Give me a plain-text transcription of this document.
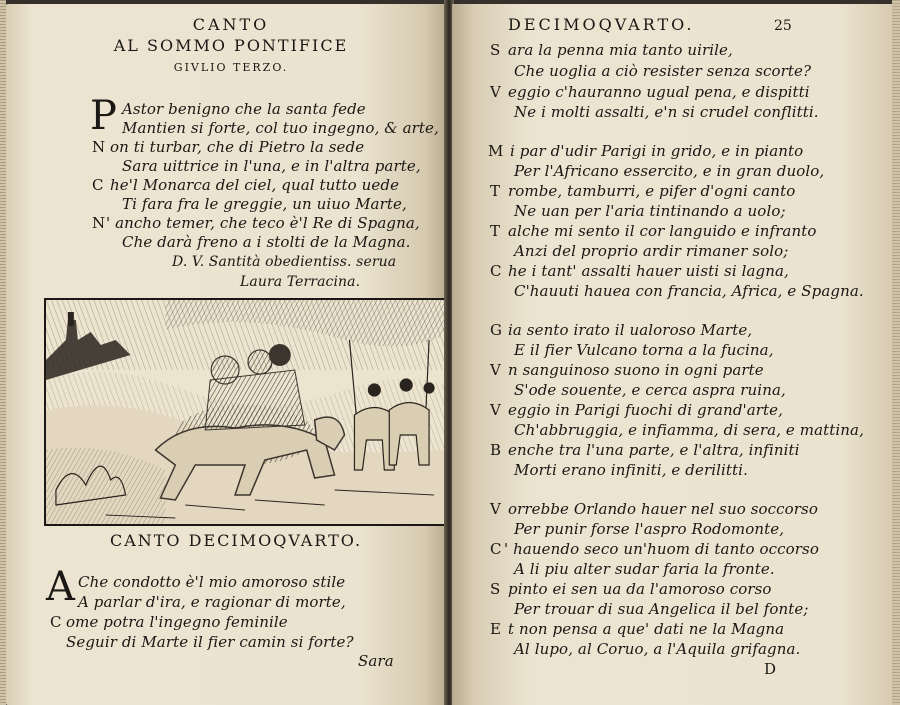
CANTO
AL SOMMO PONTIFICE
GIVLIO TERZO.
P Astor benigno che la santa fede
Mantien si forte, col tuo ingegno, & arte,
N on ti turbar, che di Pietro la sede
Sara uittrice in l'una, e in l'altra parte,
C he'l Monarca del ciel, qual tutto uede
Ti fara fra le greggie, un uiuo Marte,
N ' ancho temer, che teco è'l Re di Spagna,
Che darà freno a i stolti de la Magna.
D. V. Santità obedientiss. serua
Laura Terracina.
CANTO DECIMOQVARTO.
A Che condotto è'l mio amoroso stile
A parlar d'ira, e ragionar di morte,
C ome potra l'ingegno feminile
Seguir di Marte il fier camin si forte?
Sara
DECIMOQVARTO.	25
S ara la penna mia tanto uirile,
Che uoglia a ciò resister senza scorte?
V eggio c'hauranno ugual pena, e dispitti
Ne i molti assalti, e'n si crudel conflitti.
M i par d'udir Parigi in grido, e in pianto
Per l'Africano essercito, e in gran duolo,
T rombe, tamburri, e pifer d'ogni canto
Ne uan per l'aria tintinando a uolo;
T alche mi sento il cor languido e infranto
Anzi del proprio ardir rimaner solo;
C he i tant' assalti hauer uisti si lagna,
C'hauuti hauea con francia, Africa, e Spagna.
G ia sento irato il ualoroso Marte,
E il fier Vulcano torna a la fucina,
V n sanguinoso suono in ogni parte
S'ode souente, e cerca aspra ruina,
V eggio in Parigi fuochi di grand'arte,
Ch'abbruggia, e infiamma, di sera, e mattina,
B enche tra l'una parte, e l'altra, infiniti
Morti erano infiniti, e derilitti.
V orrebbe Orlando hauer nel suo soccorso
Per punir forse l'aspro Rodomonte,
C ' hauendo seco un'huom di tanto occorso
A li piu alter sudar faria la fronte.
S pinto ei sen ua da l'amoroso corso
Per trouar di sua Angelica il bel fonte;
E t non pensa a que' dati ne la Magna
Al lupo, al Coruo, a l'Aquila grifagna.
D
